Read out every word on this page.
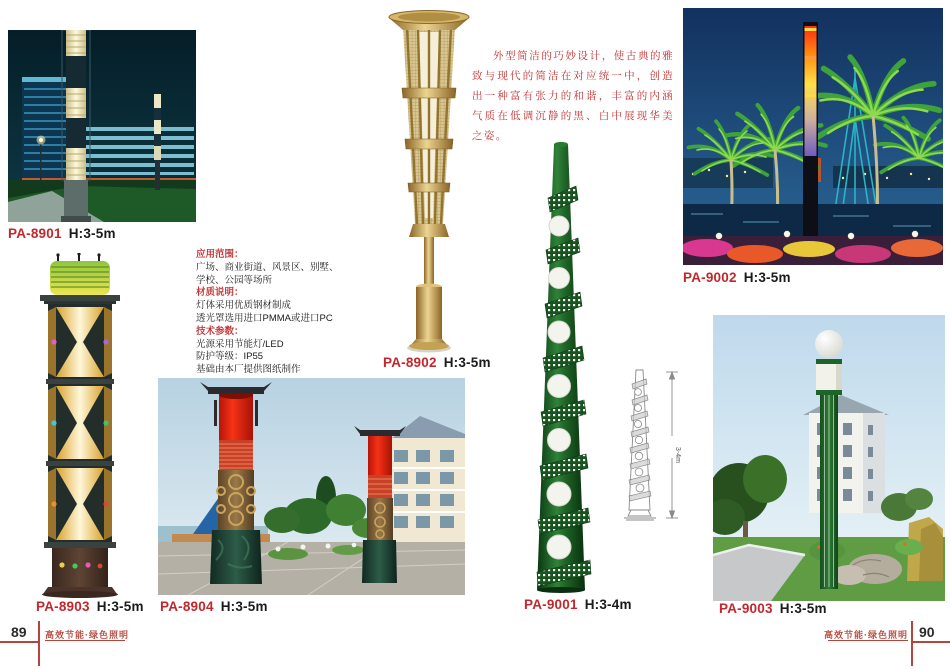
PA-8901 H:3-5m
PA-8902 H:3-5m
外型简洁的巧妙设计，使古典的雅致与现代的简洁在对应统一中，创造出一种富有张力的和谐，丰富的内涵气质在低调沉静的黑、白中展现华美之姿。
应用范围：
广场、商业街道、风景区、别墅、
学校、公园等场所
材质说明：
灯体采用优质钢材制成
透光罩选用进口PMMA或进口PC
技术参数：
光源采用节能灯/LED
防护等级：IP55
基础由本厂提供图纸制作
PA-8903 H:3-5m PA-8904 H:3-5m	PA-9001 H:3-4m
3-4m
PA-9002 H:3-5m
PA-9003 H:3-5m
89 高效节能·绿色照明	高效节能·绿色照明 90
